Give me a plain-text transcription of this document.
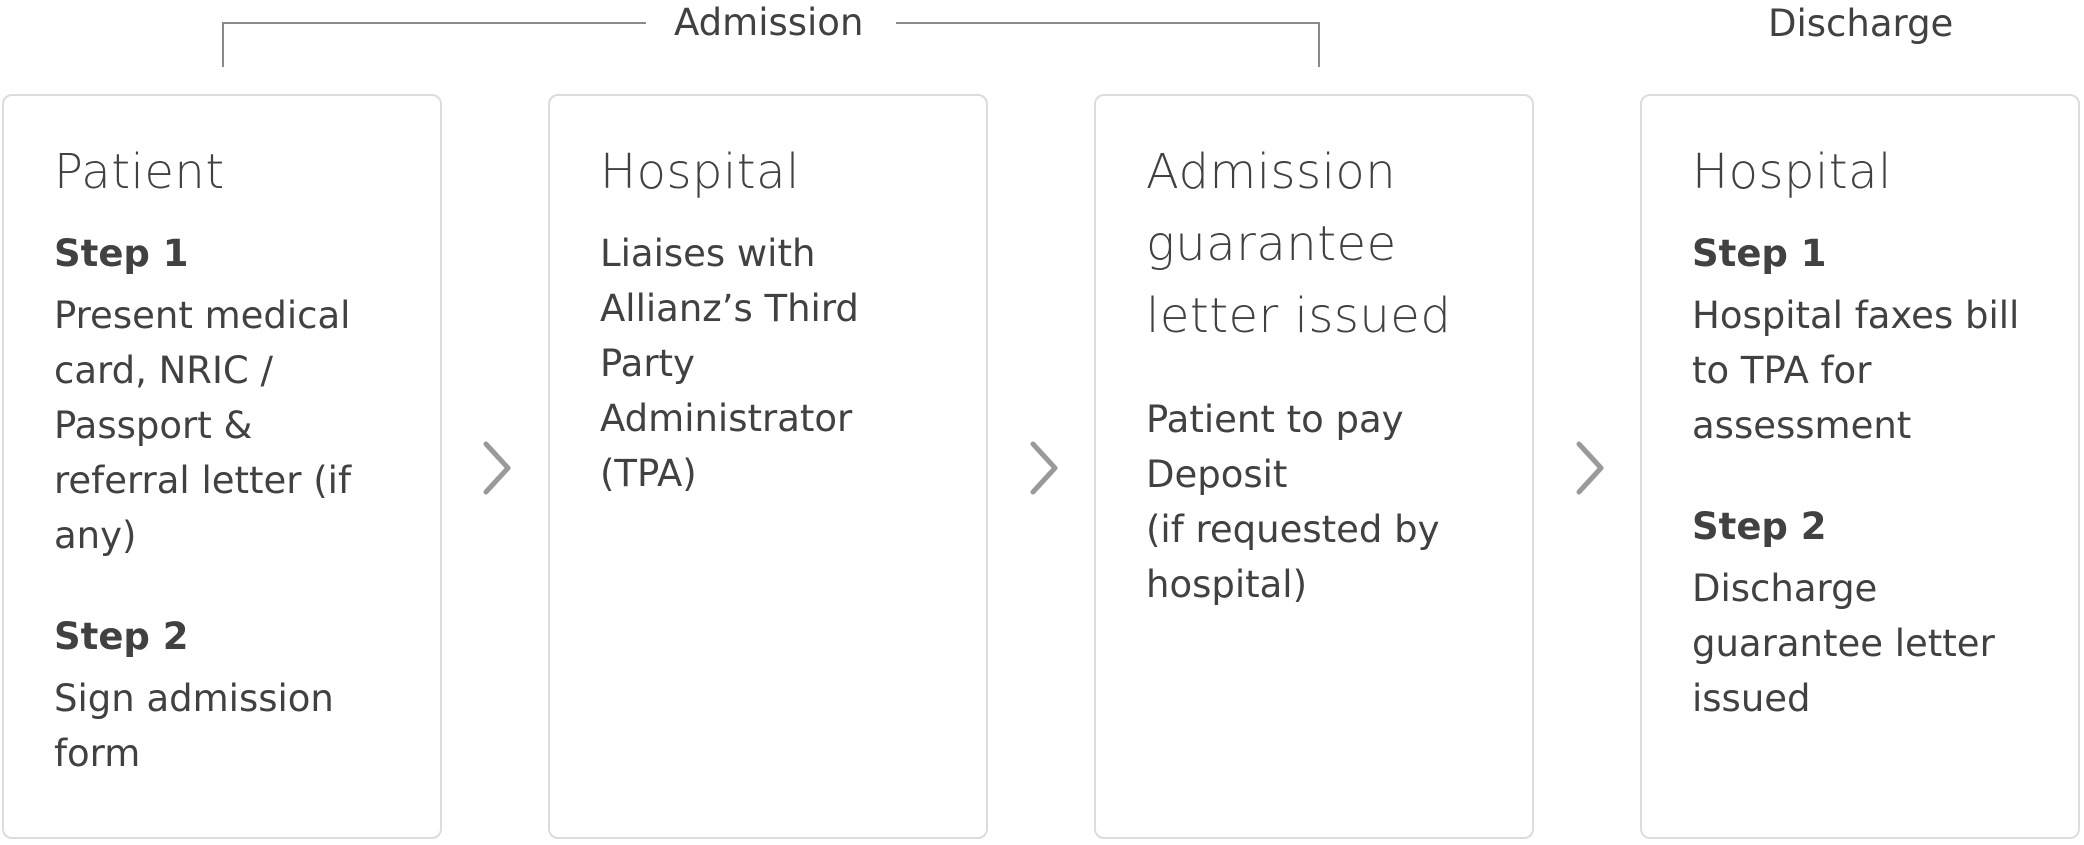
Admission	Discharge

Patient

Step 1

Present medical
card, NRIC /
Passport &
referral letter (if
any)

Step 2

Sign admission
form

Hospital

Liaises with
Allianz’s Third
Party
Administrator
(TPA)

Admission
guarantee
letter issued

Patient to pay
Deposit
(if requested by
hospital)

Hospital

Step 1

Hospital faxes bill
to TPA for
assessment

Step 2

Discharge
guarantee letter
issued
